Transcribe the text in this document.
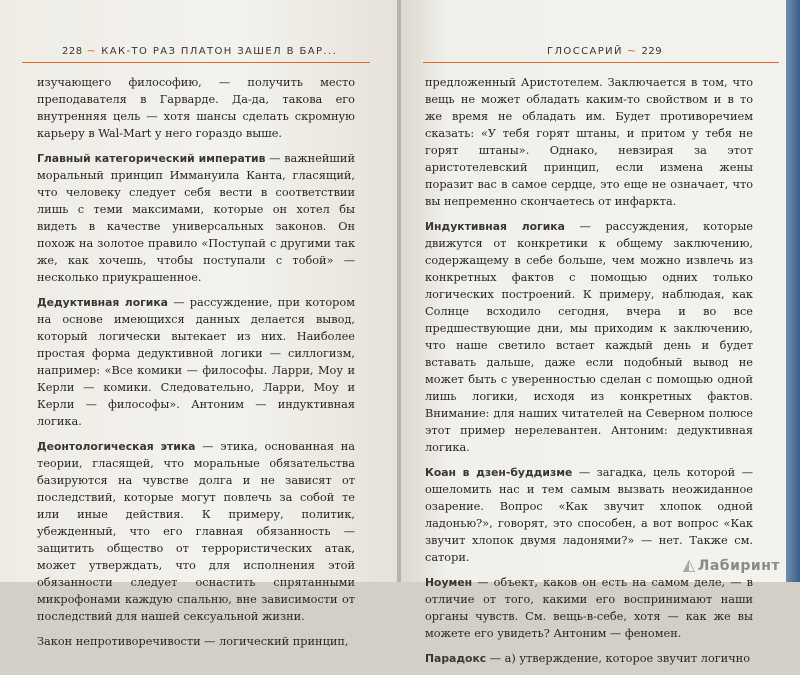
228 ~ КАК-ТО РАЗ ПЛАТОН ЗАШЕЛ В БАР...

изучающего философию, — получить место преподавателя в Гарварде. Да-да, такова его внутренняя цель — хотя шансы сделать скромную карьеру в Wal-Mart у него гораздо выше.

Главный категорический императив — важнейший моральный принцип Иммануила Канта, гласящий, что человеку следует себя вести в соответствии лишь с теми максимами, которые он хотел бы видеть в качестве универсальных законов. Он похож на золотое правило «Поступай с другими так же, как хочешь, чтобы поступали с тобой» — несколько приукрашенное.

Дедуктивная логика — рассуждение, при котором на основе имеющихся данных делается вывод, который логически вытекает из них. Наиболее простая форма дедуктивной логики — силлогизм, например: «Все комики — философы. Ларри, Моу и Керли — комики. Следовательно, Ларри, Моу и Керли — философы». Антоним — индуктивная логика.

Деонтологическая этика — этика, основанная на теории, гласящей, что моральные обязательства базируются на чувстве долга и не зависят от последствий, которые могут повлечь за собой те или иные действия. К примеру, политик, убежденный, что его главная обязанность — защитить общество от террористических атак, может утверждать, что для исполнения этой обязанности следует оснастить спрятанными микрофонами каждую спальню, вне зависимости от последствий для нашей сексуальной жизни.

Закон непротиворечивости — логический принцип,

ГЛОССАРИЙ ~ 229

предложенный Аристотелем. Заключается в том, что вещь не может обладать каким-то свойством и в то же время не обладать им. Будет противоречием сказать: «У тебя горят штаны, и притом у тебя не горят штаны». Однако, невзирая за этот аристотелевский принцип, если изменa жены поразит вас в самое сердце, это еще не означает, что вы непременно скончаетесь от инфаркта.

Индуктивная логика — рассуждения, которые движутся от конкретики к общему заключению, содержащему в себе больше, чем можно извлечь из конкретных фактов с помощью одних только логических построений. К примеру, наблюдая, как Солнце всходило сегодня, вчера и во все предшествующие дни, мы приходим к заключению, что наше светило встает каждый день и будет вставать дальше, даже если подобный вывод не может быть с уверенностью сделан с помощью одной лишь логики, исходя из конкретных фактов. Внимание: для наших читателей на Северном полюсе этот пример нерелевантен. Антоним: дедуктивная логика.

Коан в дзен-буддизме — загадка, цель которой — ошеломить нас и тем самым вызвать неожиданное озарение. Вопрос «Как звучит хлопок одной ладонью?», говорят, это способен, а вот вопрос «Как звучит хлопок двумя ладонями?» — нет. Также см. сатори.

Ноумен — объект, каков он есть на самом деле, — в отличие от того, какими его воспринимают наши органы чувств. См. вещь-в-себе, хотя — как же вы можете его увидеть? Антоним — феномен.

Парадокс — а) утверждение, которое звучит логично

◭ Лабиринт
